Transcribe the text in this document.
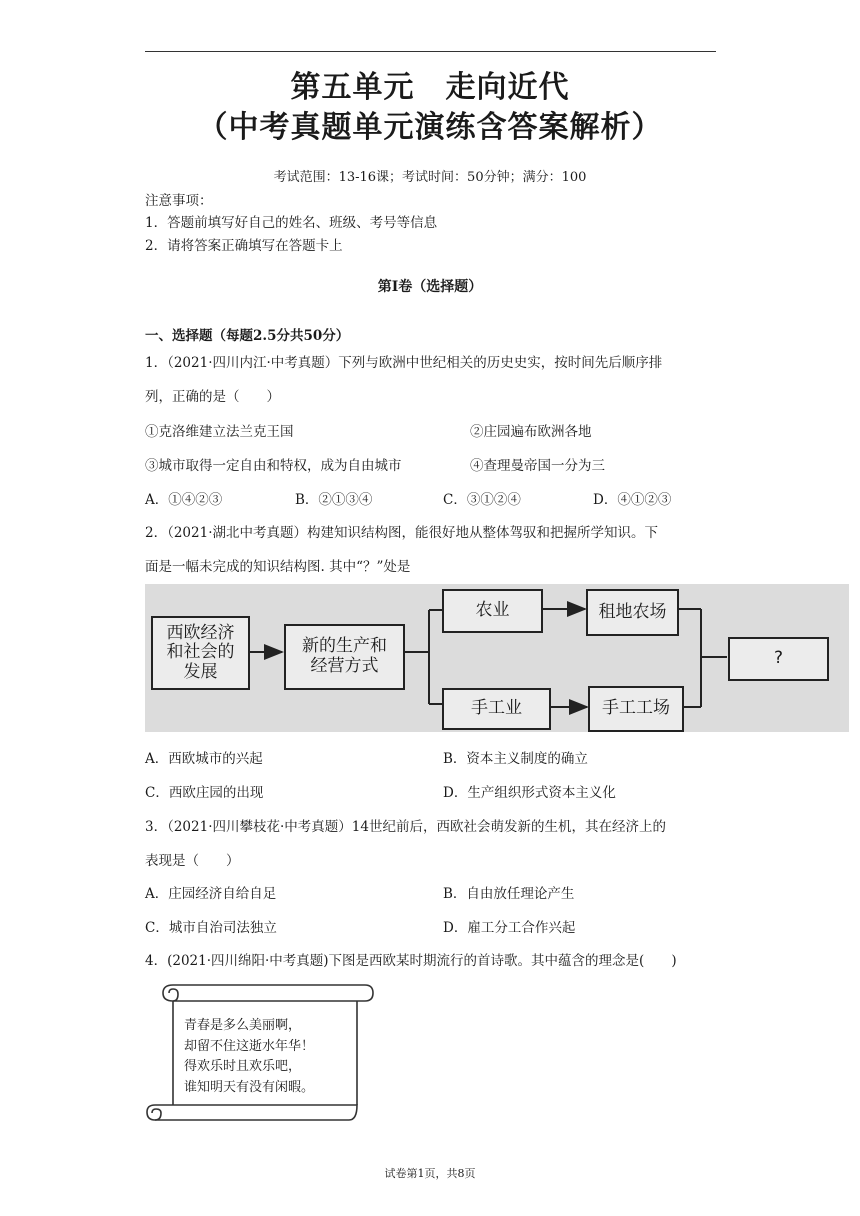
第五单元　走向近代
（中考真题单元演练含答案解析）
考试范围：13-16课；考试时间：50分钟；满分：100
注意事项：
1．答题前填写好自己的姓名、班级、考号等信息
2．请将答案正确填写在答题卡上
第Ⅰ卷（选择题）
一、选择题（每题2.5分共50分）
1．（2021·四川内江·中考真题）下列与欧洲中世纪相关的历史史实，按时间先后顺序排
列，正确的是（　　）
①克洛维建立法兰克王国	②庄园遍布欧洲各地
③城市取得一定自由和特权，成为自由城市	④查理曼帝国一分为三
A．①④②③	B．②①③④	C．③①②④	D．④①②③
2．（2021·湖北中考真题）构建知识结构图，能很好地从整体驾驭和把握所学知识。下
面是一幅未完成的知识结构图. 其中“？”处是
西欧经济
和社会的
发展
新的生产和
经营方式
农业	租地农场
手工业	手工工场
?
A．西欧城市的兴起	B．资本主义制度的确立
C．西欧庄园的出现	D．生产组织形式资本主义化
3．（2021·四川攀枝花·中考真题）14世纪前后，西欧社会萌发新的生机，其在经济上的
表现是（　　）
A．庄园经济自给自足	B．自由放任理论产生
C．城市自治司法独立	D．雇工分工合作兴起
4．(2021·四川绵阳·中考真题)下图是西欧某时期流行的首诗歌。其中蕴含的理念是(　　)
青春是多么美丽啊，
却留不住这逝水年华！
得欢乐时且欢乐吧，
谁知明天有没有闲暇。
试卷第1页，共8页
